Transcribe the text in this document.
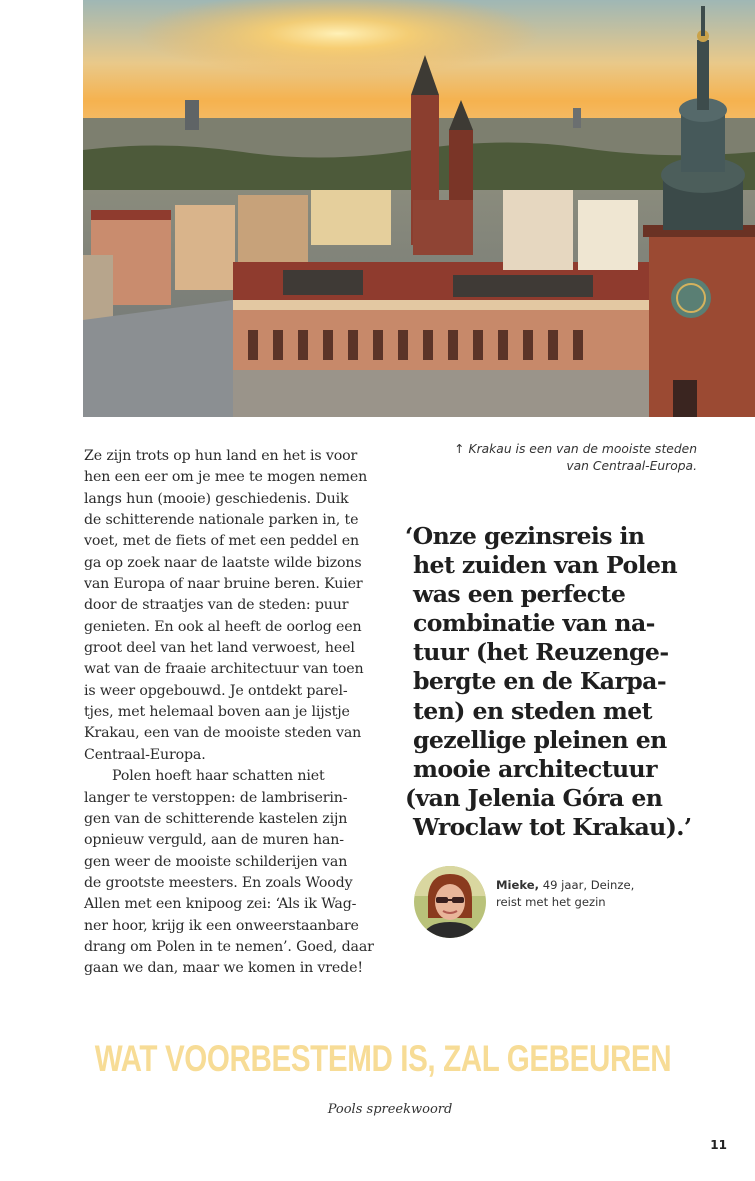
Ze zijn trots op hun land en het is voor
hen een eer om je mee te mogen nemen
langs hun (mooie) geschiedenis. Duik
de schitterende nationale parken in, te
voet, met de fiets of met een peddel en
ga op zoek naar de laatste wilde bizons
van Europa of naar bruine beren. Kuier
door de straatjes van de steden: puur
genieten. En ook al heeft de oorlog een
groot deel van het land verwoest, heel
wat van de fraaie architectuur van toen
is weer opgebouwd. Je ontdekt parel-
tjes, met helemaal boven aan je lijstje
Krakau, een van de mooiste steden van
Centraal-Europa.
Polen hoeft haar schatten niet
langer te verstoppen: de lambriserin-
gen van de schitterende kastelen zijn
opnieuw verguld, aan de muren han-
gen weer de mooiste schilderijen van
de grootste meesters. En zoals Woody
Allen met een knipoog zei: ‘Als ik Wag-
ner hoor, krijg ik een onweerstaanbare
drang om Polen in te nemen’. Goed, daar
gaan we dan, maar we komen in vrede!
↑ Krakau is een van de mooiste steden
van Centraal-Europa.
‘Onze gezinsreis in
het zuiden van Polen
was een perfecte
combinatie van na-
tuur (het Reuzenge-
bergte en de Karpa-
ten) en steden met
gezellige pleinen en
mooie architectuur
(van Jelenia Góra en
Wroclaw tot Krakau).’
Mieke, 49 jaar, Deinze,
reist met het gezin
WAT VOORBESTEMD IS, ZAL GEBEUREN
Pools spreekwoord
11
